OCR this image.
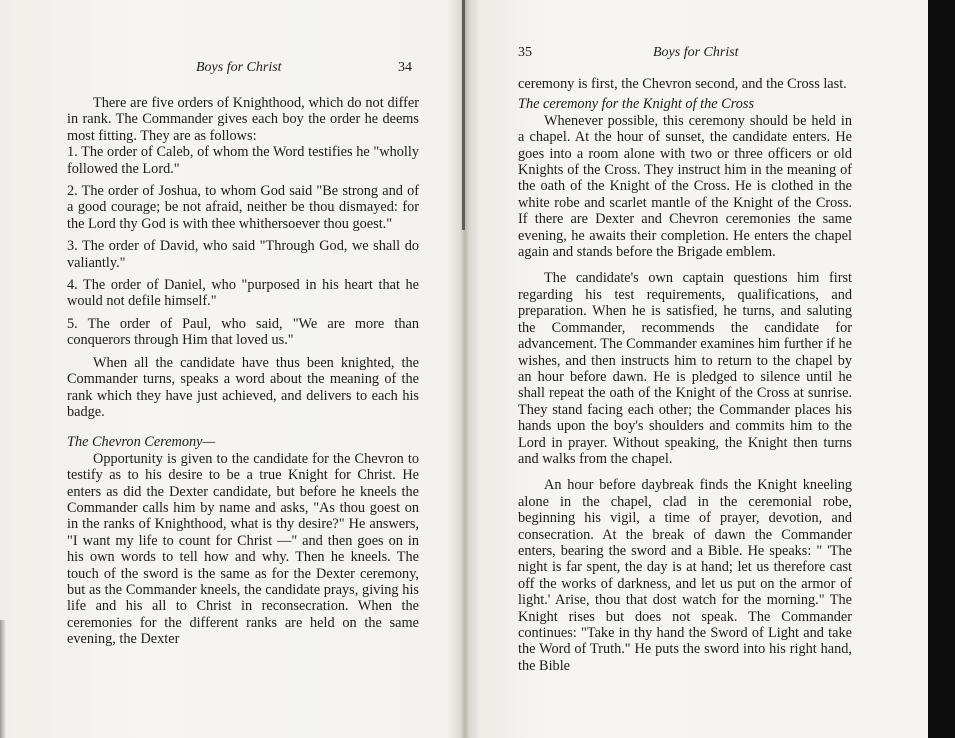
Boys for Christ	34

There are five orders of Knighthood, which do not differ in rank. The Commander gives each boy the order he deems most fitting. They are as follows:

1. The order of Caleb, of whom the Word testifies he "wholly followed the Lord."

2. The order of Joshua, to whom God said "Be strong and of a good courage; be not afraid, neither be thou dismayed: for the Lord thy God is with thee whithersoever thou goest."

3. The order of David, who said "Through God, we shall do valiantly."

4. The order of Daniel, who "purposed in his heart that he would not defile himself."

5. The order of Paul, who said, "We are more than conquerors through Him that loved us."

When all the candidate have thus been knighted, the Commander turns, speaks a word about the meaning of the rank which they have just achieved, and delivers to each his badge.

The Chevron Ceremony—

Opportunity is given to the candidate for the Chevron to testify as to his desire to be a true Knight for Christ. He enters as did the Dexter candidate, but before he kneels the Commander calls him by name and asks, "As thou goest on in the ranks of Knighthood, what is thy desire?" He answers, "I want my life to count for Christ —" and then goes on in his own words to tell how and why. Then he kneels. The touch of the sword is the same as for the Dexter ceremony, but as the Commander kneels, the candidate prays, giving his life and his all to Christ in reconsecration. When the ceremonies for the different ranks are held on the same evening, the Dexter

35	Boys for Christ

ceremony is first, the Chevron second, and the Cross last.

The ceremony for the Knight of the Cross

Whenever possible, this ceremony should be held in a chapel. At the hour of sunset, the candidate enters. He goes into a room alone with two or three officers or old Knights of the Cross. They instruct him in the meaning of the oath of the Knight of the Cross. He is clothed in the white robe and scarlet mantle of the Knight of the Cross. If there are Dexter and Chevron ceremonies the same evening, he awaits their completion. He enters the chapel again and stands before the Brigade emblem.

The candidate's own captain questions him first regarding his test requirements, qualifications, and preparation. When he is satisfied, he turns, and saluting the Commander, recommends the candidate for advancement. The Commander examines him further if he wishes, and then instructs him to return to the chapel by an hour before dawn. He is pledged to silence until he shall repeat the oath of the Knight of the Cross at sunrise. They stand facing each other; the Commander places his hands upon the boy's shoulders and commits him to the Lord in prayer. Without speaking, the Knight then turns and walks from the chapel.

An hour before daybreak finds the Knight kneeling alone in the chapel, clad in the ceremonial robe, beginning his vigil, a time of prayer, devotion, and consecration. At the break of dawn the Commander enters, bearing the sword and a Bible. He speaks: " 'The night is far spent, the day is at hand; let us therefore cast off the works of darkness, and let us put on the armor of light.' Arise, thou that dost watch for the morning." The Knight rises but does not speak. The Commander continues: "Take in thy hand the Sword of Light and take the Word of Truth." He puts the sword into his right hand, the Bible
